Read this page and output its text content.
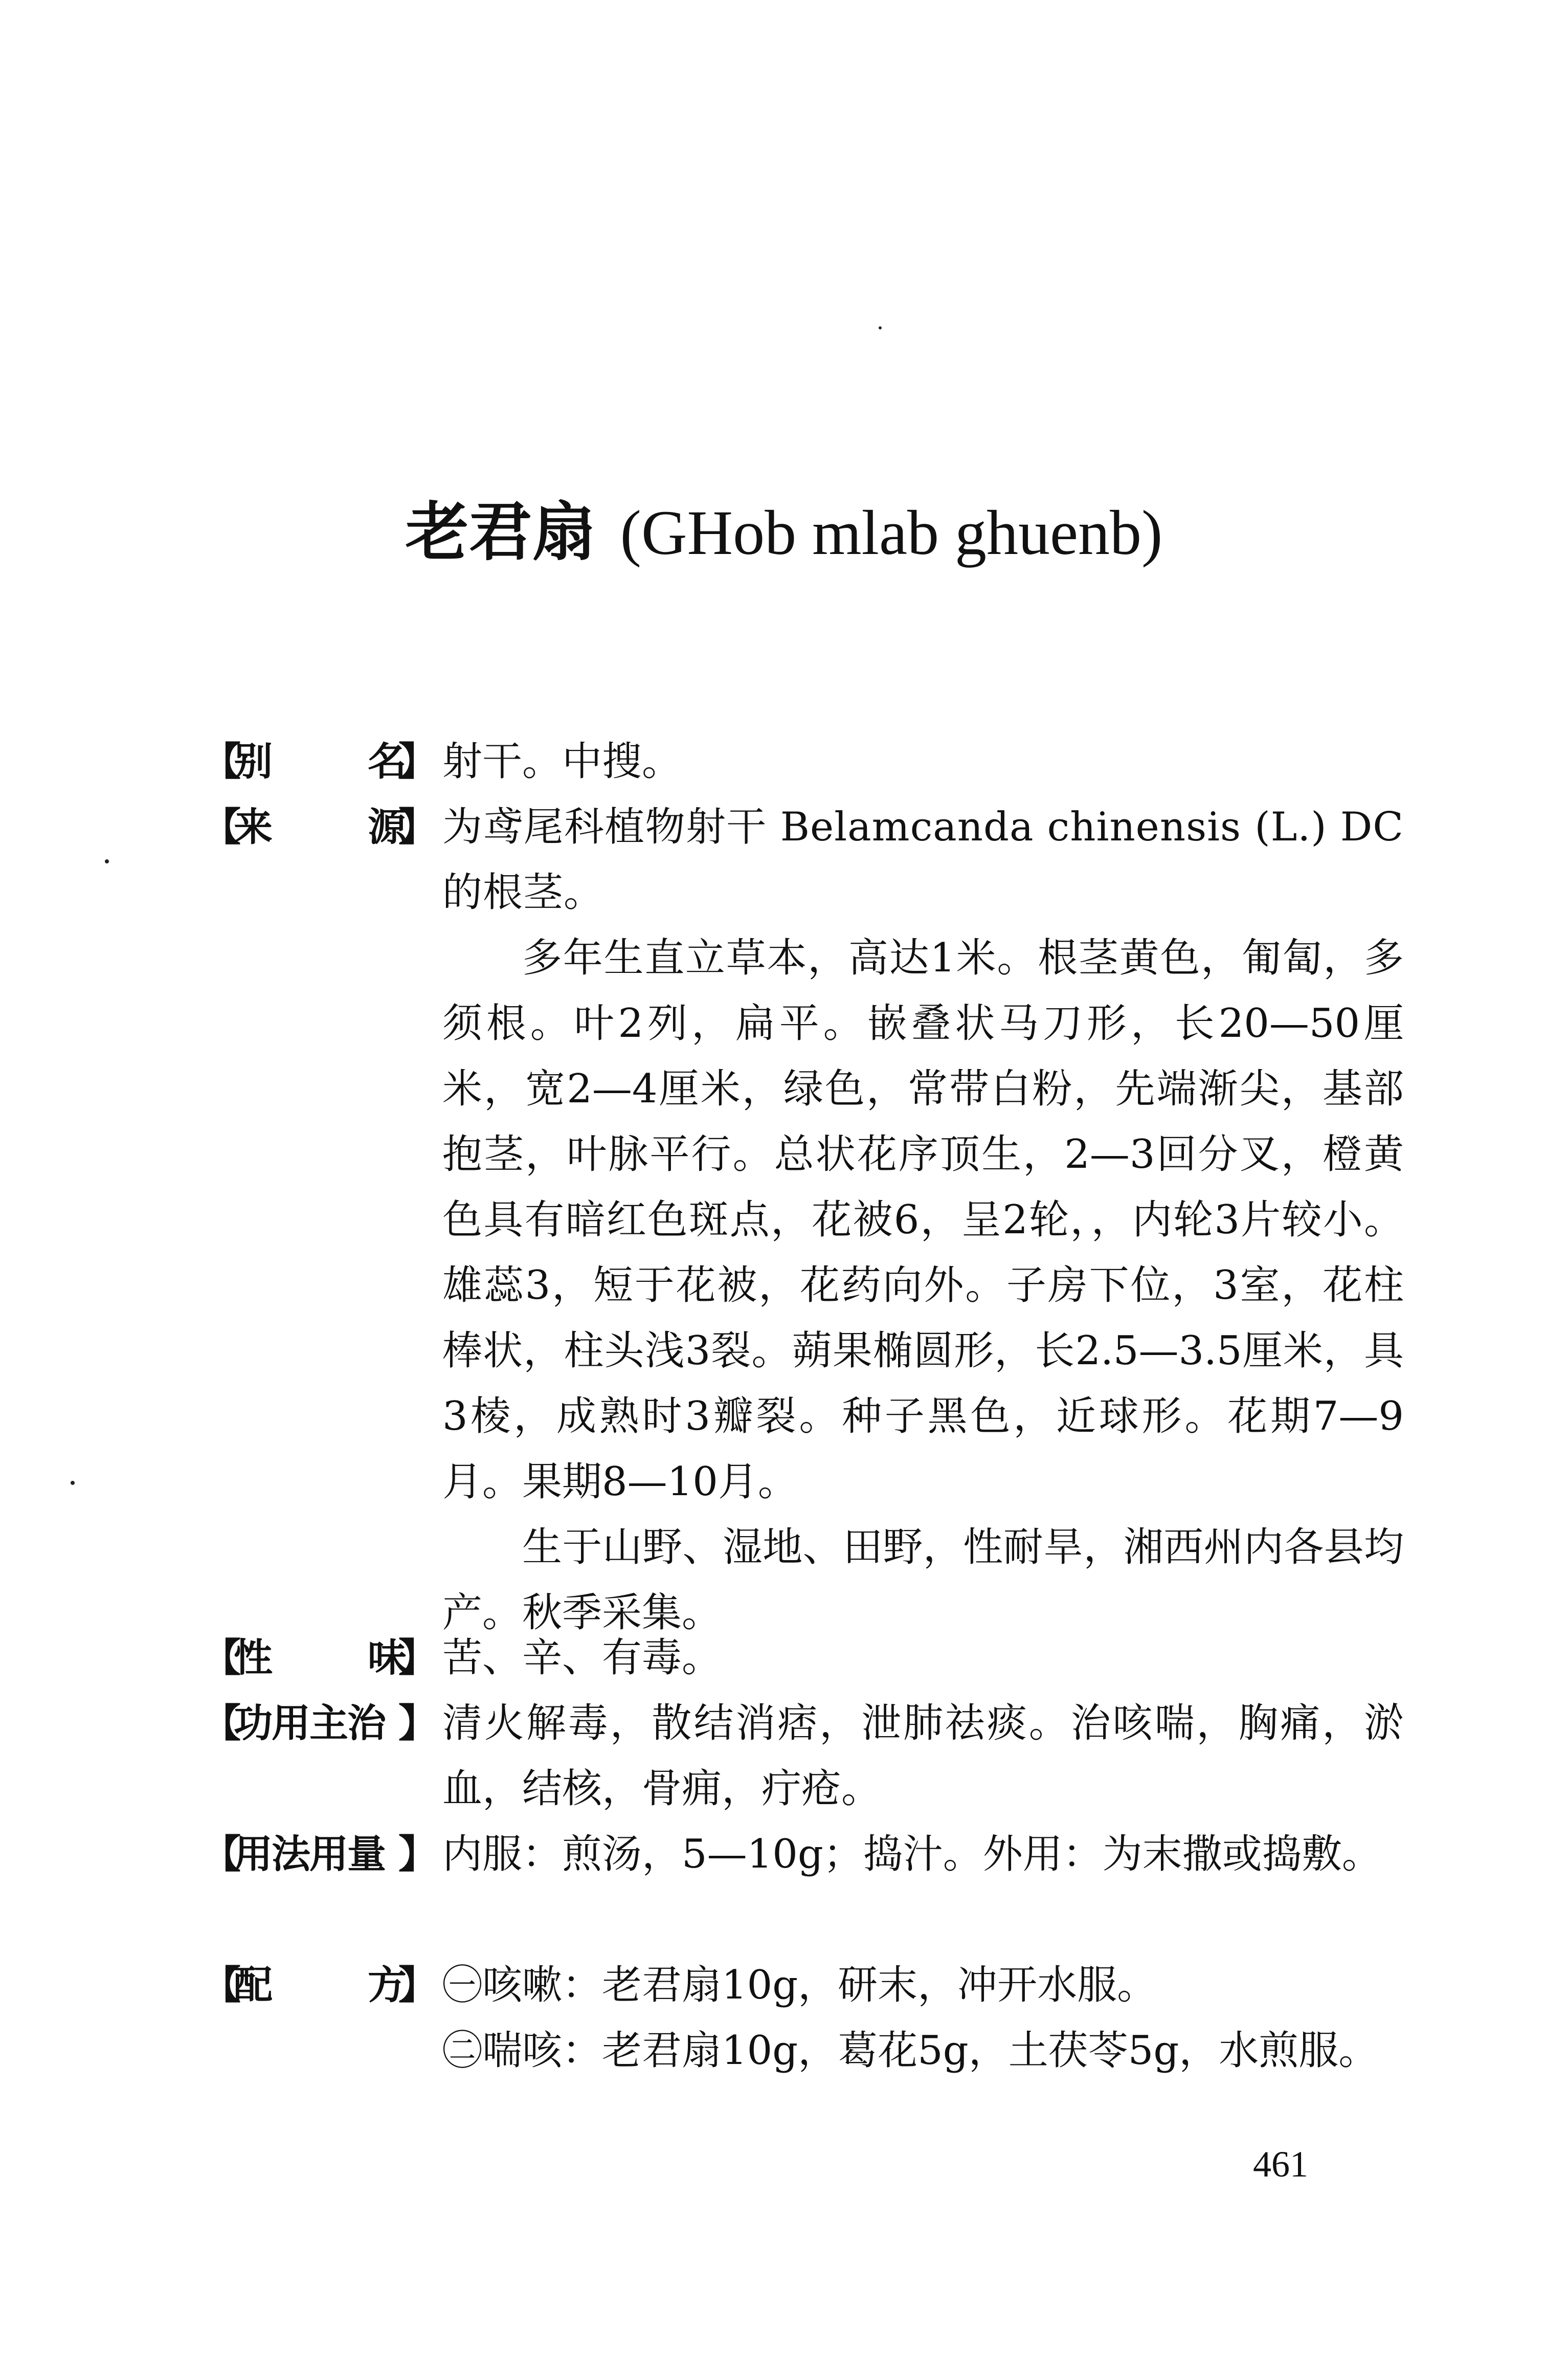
老君扇 (GHob mlab ghuenb)
【
别 名
】 射干。中搜。

【
来 源
】 为鸢尾科植物射干 Belamcanda chinensis (L.) DC的根茎。

多年生直立草本，高达1米。根茎黄色，匍匐，多须根。叶2列，扁平。嵌叠状马刀形，长20—50厘米，宽2—4厘米，绿色，常带白粉，先端渐尖，基部抱茎，叶脉平行。总状花序顶生，2—3回分叉，橙黄色具有暗红色斑点，花被6，呈2轮，，内轮3片较小。雄蕊3，短于花被，花药向外。子房下位，3室，花柱棒状，柱头浅3裂。蒴果椭圆形，长2.5—3.5厘米，具3棱，成熟时3瓣裂。种子黑色，近球形。花期7—9月。果期8—10月。

生于山野、湿地、田野，性耐旱，湘西州内各县均产。秋季采集。

【
性 味
】 苦、辛、有毒。

【
功用主治 】 清火解毒，散结消痞，泄肺祛痰。治咳喘，胸痛，淤血，结核，骨痈，疔疮。

【
用法用量 】 内服：煎汤，5—10g；捣汁。外用：为末撒或捣敷。

【
配 方
】 ㊀咳嗽：老君扇10g，研末，冲开水服。

㊁喘咳：老君扇10g，葛花5g，土茯苓5g，水煎服。

461
